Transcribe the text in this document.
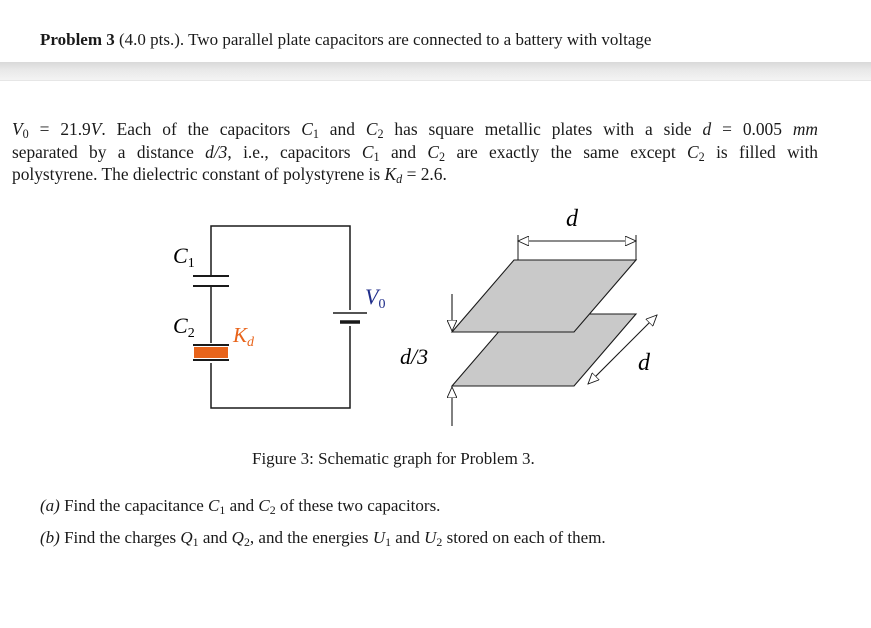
Problem 3 (4.0 pts.). Two parallel plate capacitors are connected to a battery with voltage
$V_0 = 21.9V$. Each of the capacitors $C_1$ and $C_2$ has square metallic plates with a side d = 0.005 mm
separated by a distance d/3, i.e., capacitors $C_1$ and $C_2$ are exactly the same except $C_2$ is filled with
polystyrene. The dielectric constant of polystyrene is $K_d = 2.6$.
C1
C2 Kd
V0
d
d
d/3
Figure 3: Schematic graph for Problem 3.
(a) Find the capacitance $C_1$ and $C_2$ of these two capacitors.
(b) Find the charges $Q_1$ and $Q_2$, and the energies $U_1$ and $U_2$ stored on each of them.
